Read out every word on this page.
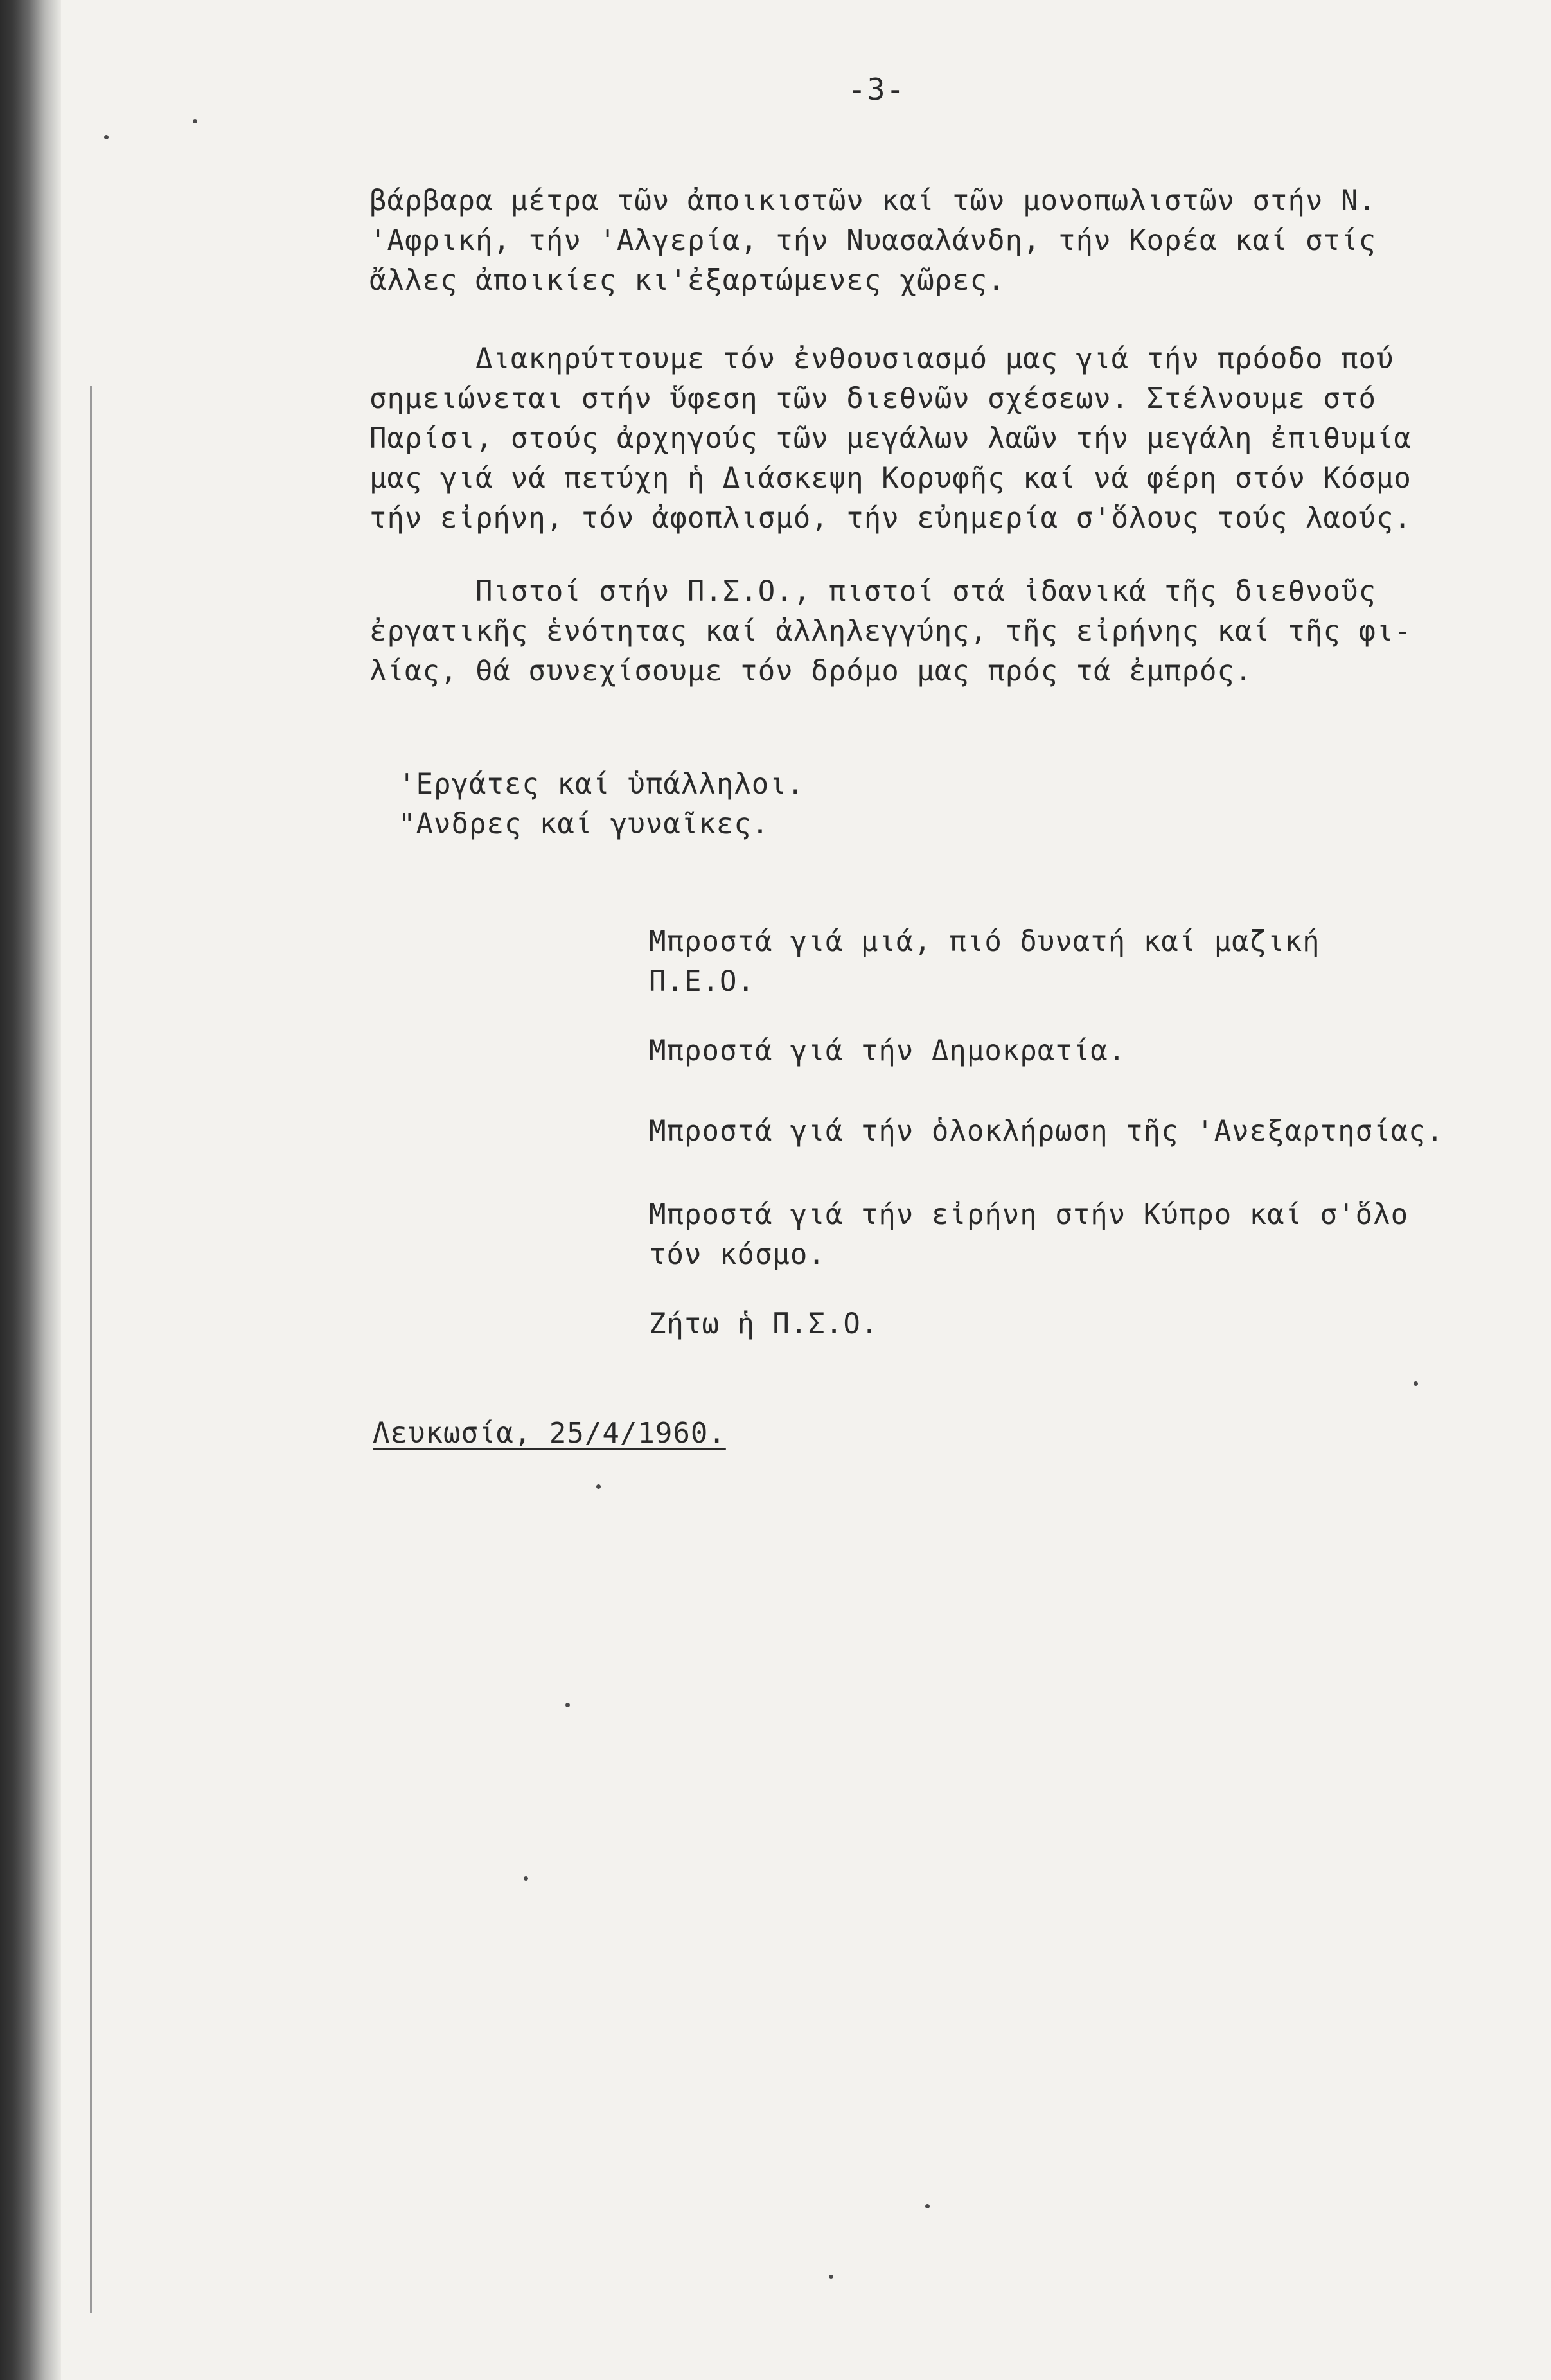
-3-

βάρβαρα μέτρα τῶν ἀποικιστῶν καί τῶν μονοπωλιστῶν στήν Ν.
'Αφρική, τήν 'Αλγερία, τήν Νυασαλάνδη, τήν Κορέα καί στίς
ἄλλες ἀποικίες κι'ἐξαρτώμενες χῶρες.

Διακηρύττουμε τόν ἐνθουσιασμό μας γιά τήν πρόοδο πού
σημειώνεται στήν ὕφεση τῶν διεθνῶν σχέσεων. Στέλνουμε στό
Παρίσι, στούς ἀρχηγούς τῶν μεγάλων λαῶν τήν μεγάλη ἐπιθυμία
μας γιά νά πετύχη ἡ Διάσκεψη Κορυφῆς καί νά φέρη στόν Κόσμο
τήν εἰρήνη, τόν ἀφοπλισμό, τήν εὐημερία σ'ὅλους τούς λαούς.

Πιστοί στήν Π.Σ.Ο., πιστοί στά ἰδανικά τῆς διεθνοῦς
ἐργατικῆς ἑνότητας καί ἀλληλεγγύης, τῆς εἰρήνης καί τῆς φι-
λίας, θά συνεχίσουμε τόν δρόμο μας πρός τά ἐμπρός.

'Εργάτες καί ὑπάλληλοι.

"Ανδρες καί γυναῖκες.

Μπροστά γιά μιά, πιό δυνατή καί μαζική
Π.Ε.Ο.

Μπροστά γιά τήν Δημοκρατία.

Μπροστά γιά τήν ὁλοκλήρωση τῆς 'Ανεξαρτησίας.

Μπροστά γιά τήν εἰρήνη στήν Κύπρο καί σ'ὅλο
τόν κόσμο.

Ζήτω ἡ Π.Σ.Ο.

Λευκωσία, 25/4/1960.
